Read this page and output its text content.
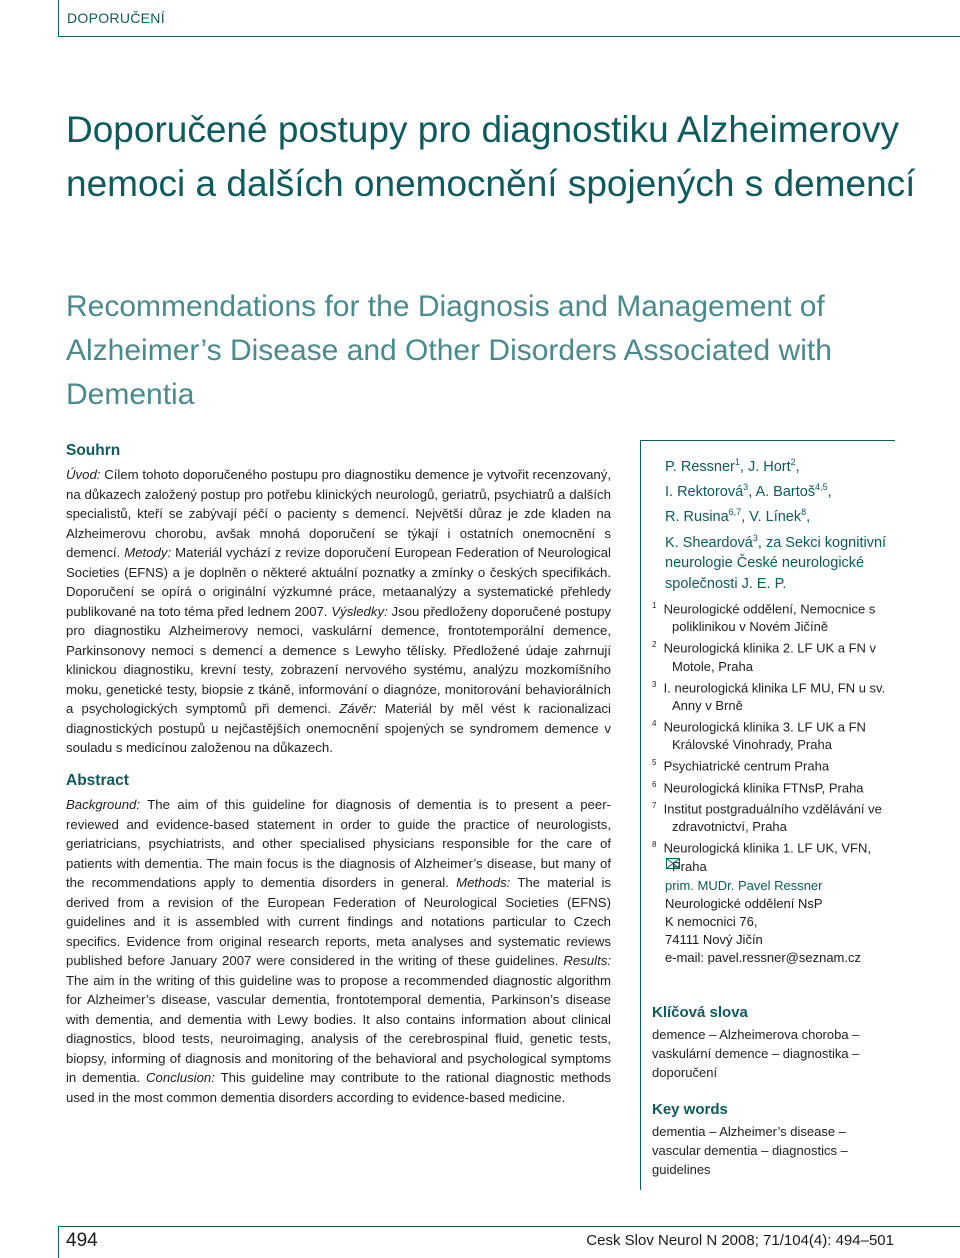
DOPORUČENÍ
Doporučené postupy pro diagnostiku Alzheimerovy nemoci a dalších onemocnění spojených s demencí
Recommendations for the Diagnosis and Management of Alzheimer’s Disease and Other Disorders Associated with Dementia
Souhrn

Úvod: Cílem tohoto doporučeného postupu pro diagnostiku demence je vytvořit recenzovaný, na důkazech založený postup pro potřebu klinických neurologů, geriatrů, psychiatrů a dalších specialistů, kteří se zabývají péčí o pacienty s demencí. Největší důraz je zde kladen na Alzheimerovu chorobu, avšak mnohá doporučení se týkají i ostatních onemocnění s demencí. Metody: Materiál vychází z revize doporučení European Federation of Neurological Societies (EFNS) a je doplněn o některé aktuální poznatky a zmínky o českých specifikách. Doporučení se opírá o originální výzkumné práce, metaanalýzy a systematické přehledy publikované na toto téma před lednem 2007. Výsledky: Jsou předloženy doporučené postupy pro diagnostiku Alzheimerovy nemoci, vaskulární demence, frontotemporální demence, Parkinsonovy nemoci s demencí a demence s Lewyho tělísky. Předložené údaje zahrnují klinickou diagnostiku, krevní testy, zobrazení nervového systému, analýzu mozkomíšního moku, genetické testy, biopsie z tkáně, informování o diagnóze, monitorování behaviorálních a psychologických symptomů při demenci. Závěr: Materiál by měl vést k racionalizaci diagnostických postupů u nejčastějších onemocnění spojených se syndromem demence v souladu s medicínou založenou na důkazech.

Abstract

Background: The aim of this guideline for diagnosis of dementia is to present a peer-reviewed and evidence-based statement in order to guide the practice of neurologists, geriatricians, psychiatrists, and other specialised physicians responsible for the care of patients with dementia. The main focus is the diagnosis of Alzheimer’s disease, but many of the recommendations apply to dementia disorders in general. Methods: The material is derived from a revision of the European Federation of Neurological Societies (EFNS) guidelines and it is assembled with current findings and notations particular to Czech specifics. Evidence from original research reports, meta analyses and systematic reviews published before January 2007 were considered in the writing of these guidelines. Results: The aim in the writing of this guideline was to propose a recommended diagnostic algorithm for Alzheimer’s disease, vascular dementia, frontotemporal dementia, Parkinson’s disease with dementia, and dementia with Lewy bodies. It also contains information about clinical diagnostics, blood tests, neuroimaging, analysis of the cerebrospinal fluid, genetic tests, biopsy, informing of diagnosis and monitoring of the behavioral and psychological symptoms in dementia. Conclusion: This guideline may contribute to the rational diagnostic methods used in the most common dementia disorders according to evidence-based medicine.

P. Ressner$^1$, J. Hort$^2$,
I. Rektorová$^3$, A. Bartoš$^{4,5}$,
R. Rusina$^{6,7}$, V. Línek$^8$,
K. Sheardová$^3$, za Sekci kognitivní neurologie České neurologické společnosti J. E. P.

$^1$ Neurologické oddělení, Nemocnice s poliklinikou v Novém Jičíně
$^2$ Neurologická klinika 2. LF UK a FN v Motole, Praha
$^3$ I. neurologická klinika LF MU, FN u sv. Anny v Brně
$^4$ Neurologická klinika 3. LF UK a FN Královské Vinohrady, Praha
$^5$ Psychiatrické centrum Praha
$^6$ Neurologická klinika FTNsP, Praha
$^7$ Institut postgraduálního vzdělávání ve zdravotnictví, Praha
$^8$ Neurologická klinika 1. LF UK, VFN, Praha

prim. MUDr. Pavel Ressner
Neurologické oddělení NsP
K nemocnici 76,
74111 Nový Jičín
e-mail: pavel.ressner@seznam.cz

Klíčová slova

demence – Alzheimerova choroba – vaskulární demence – diagnostika – doporučení

Key words

dementia – Alzheimer’s disease – vascular dementia – diagnostics – guidelines

494	Cesk Slov Neurol N 2008; 71/104(4): 494–501
